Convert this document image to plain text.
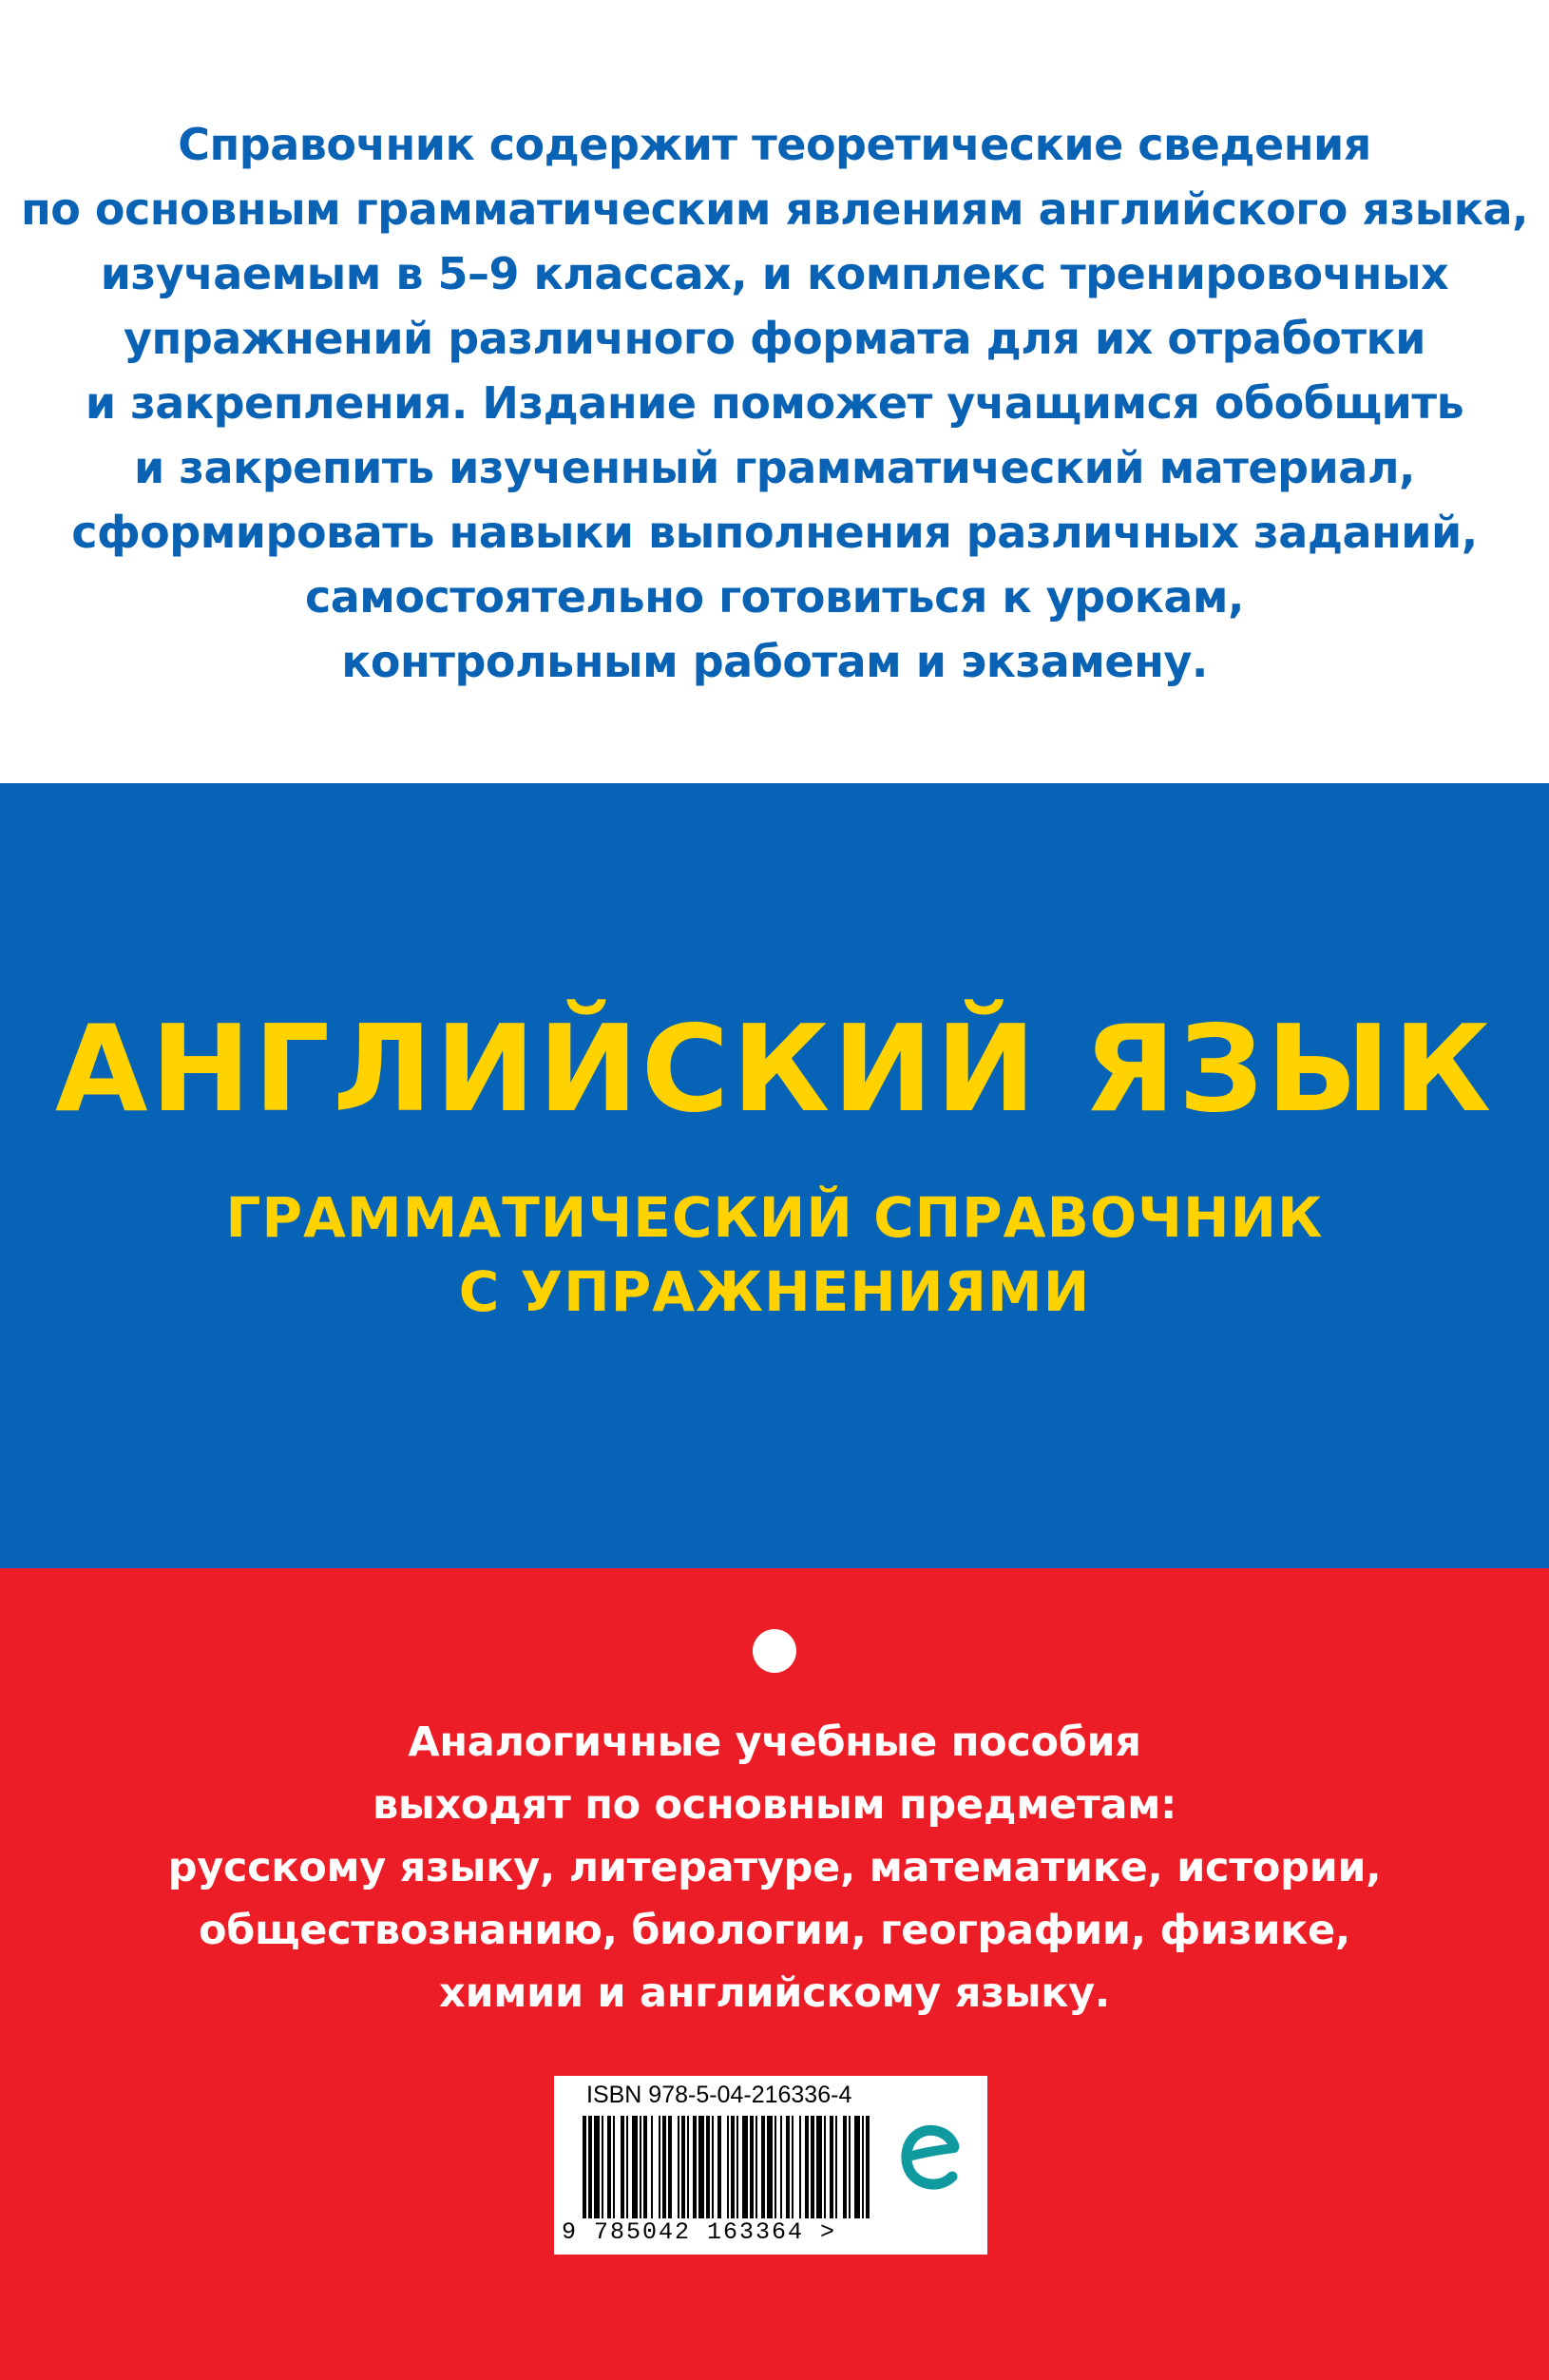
Справочник содержит теоретические сведения
по основным грамматическим явлениям английского языка,
изучаемым в 5–9 классах, и комплекс тренировочных
упражнений различного формата для их отработки
и закрепления. Издание поможет учащимся обобщить
и закрепить изученный грамматический материал,
сформировать навыки выполнения различных заданий,
самостоятельно готовиться к урокам,
контрольным работам и экзамену.
АНГЛИЙСКИЙ ЯЗЫК
ГРАММАТИЧЕСКИЙ СПРАВОЧНИК
С УПРАЖНЕНИЯМИ
Аналогичные учебные пособия
выходят по основным предметам:
русскому языку, литературе, математике, истории,
обществознанию, биологии, географии, физике,
химии и английскому языку.
ISBN 978-5-04-216336-4
9 785042 163364 >
